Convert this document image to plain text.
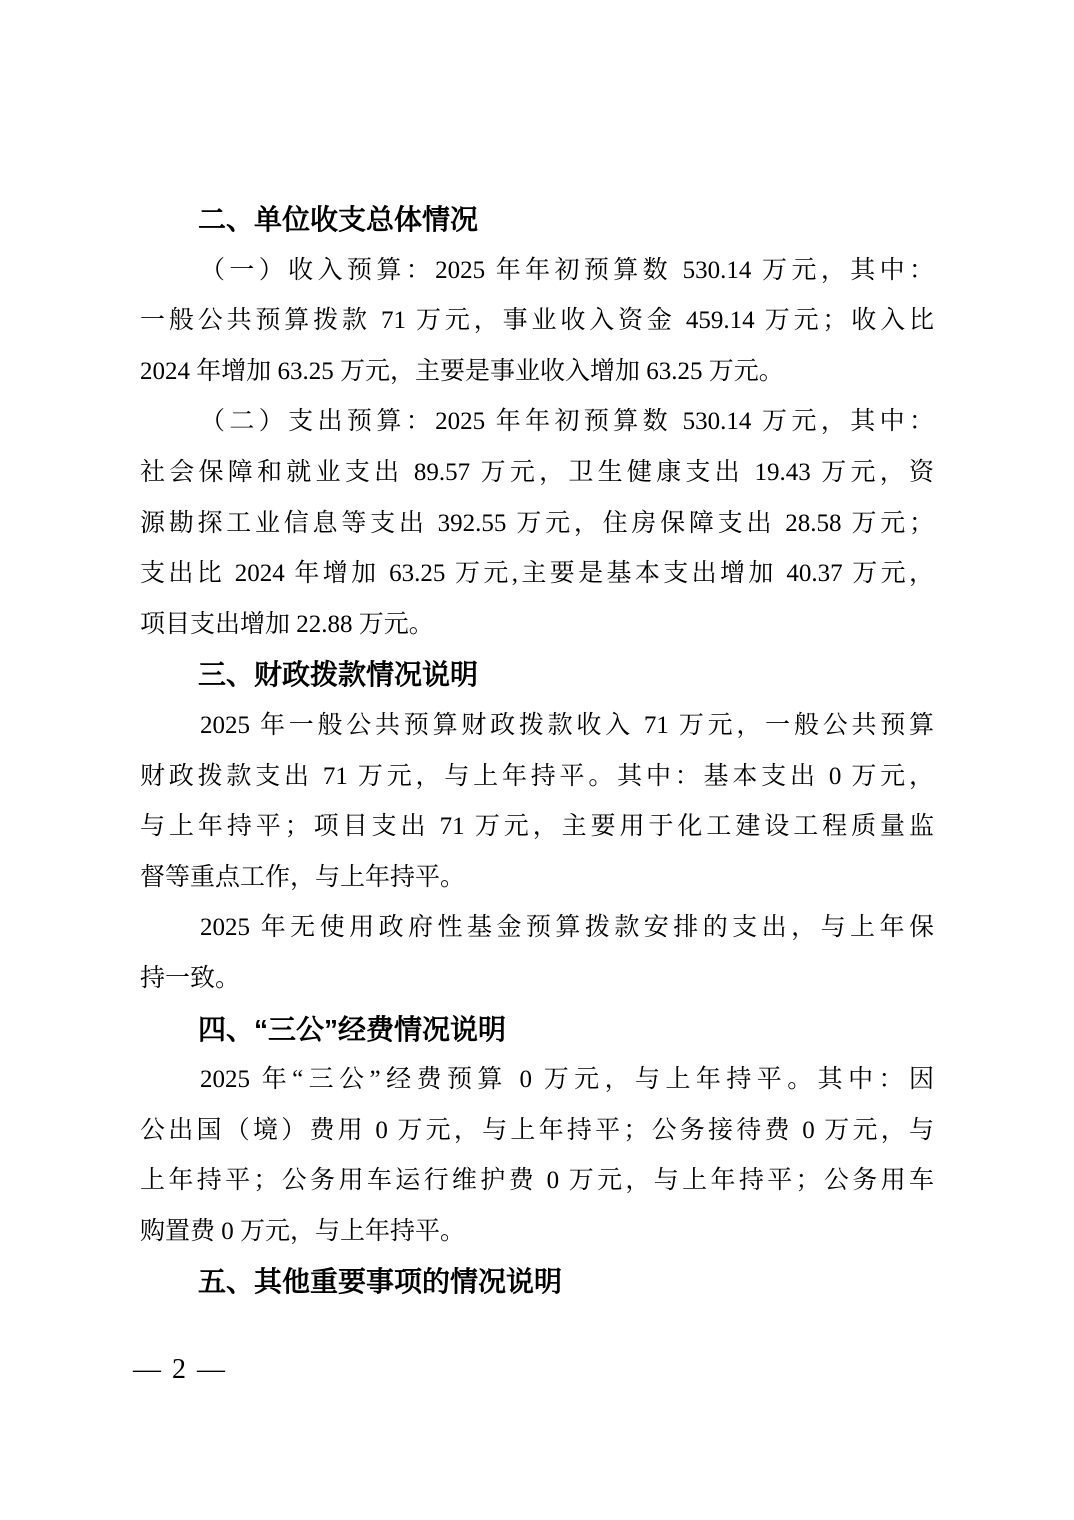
二、单位收支总体情况
（一）收入预算：2025 年年初预算数 530.14 万元，其中：
一般公共预算拨款 71 万元，事业收入资金 459.14 万元；收入比
2024 年增加 63.25 万元，主要是事业收入增加 63.25 万元。
（二）支出预算：2025 年年初预算数 530.14 万元，其中：
社会保障和就业支出 89.57 万元，卫生健康支出 19.43 万元，资
源勘探工业信息等支出 392.55 万元，住房保障支出 28.58 万元；
支出比 2024 年增加 63.25 万元,主要是基本支出增加 40.37 万元，
项目支出增加 22.88 万元。
三、财政拨款情况说明
2025 年一般公共预算财政拨款收入 71 万元，一般公共预算
财政拨款支出 71 万元，与上年持平。其中：基本支出 0 万元，
与上年持平；项目支出 71 万元，主要用于化工建设工程质量监
督等重点工作，与上年持平。
2025 年无使用政府性基金预算拨款安排的支出，与上年保
持一致。
四、“三公”经费情况说明
2025 年“三公”经费预算 0 万元，与上年持平。其中：因
公出国（境）费用 0 万元，与上年持平；公务接待费 0 万元，与
上年持平；公务用车运行维护费 0 万元，与上年持平；公务用车
购置费 0 万元，与上年持平。
五、其他重要事项的情况说明
— 2 —
